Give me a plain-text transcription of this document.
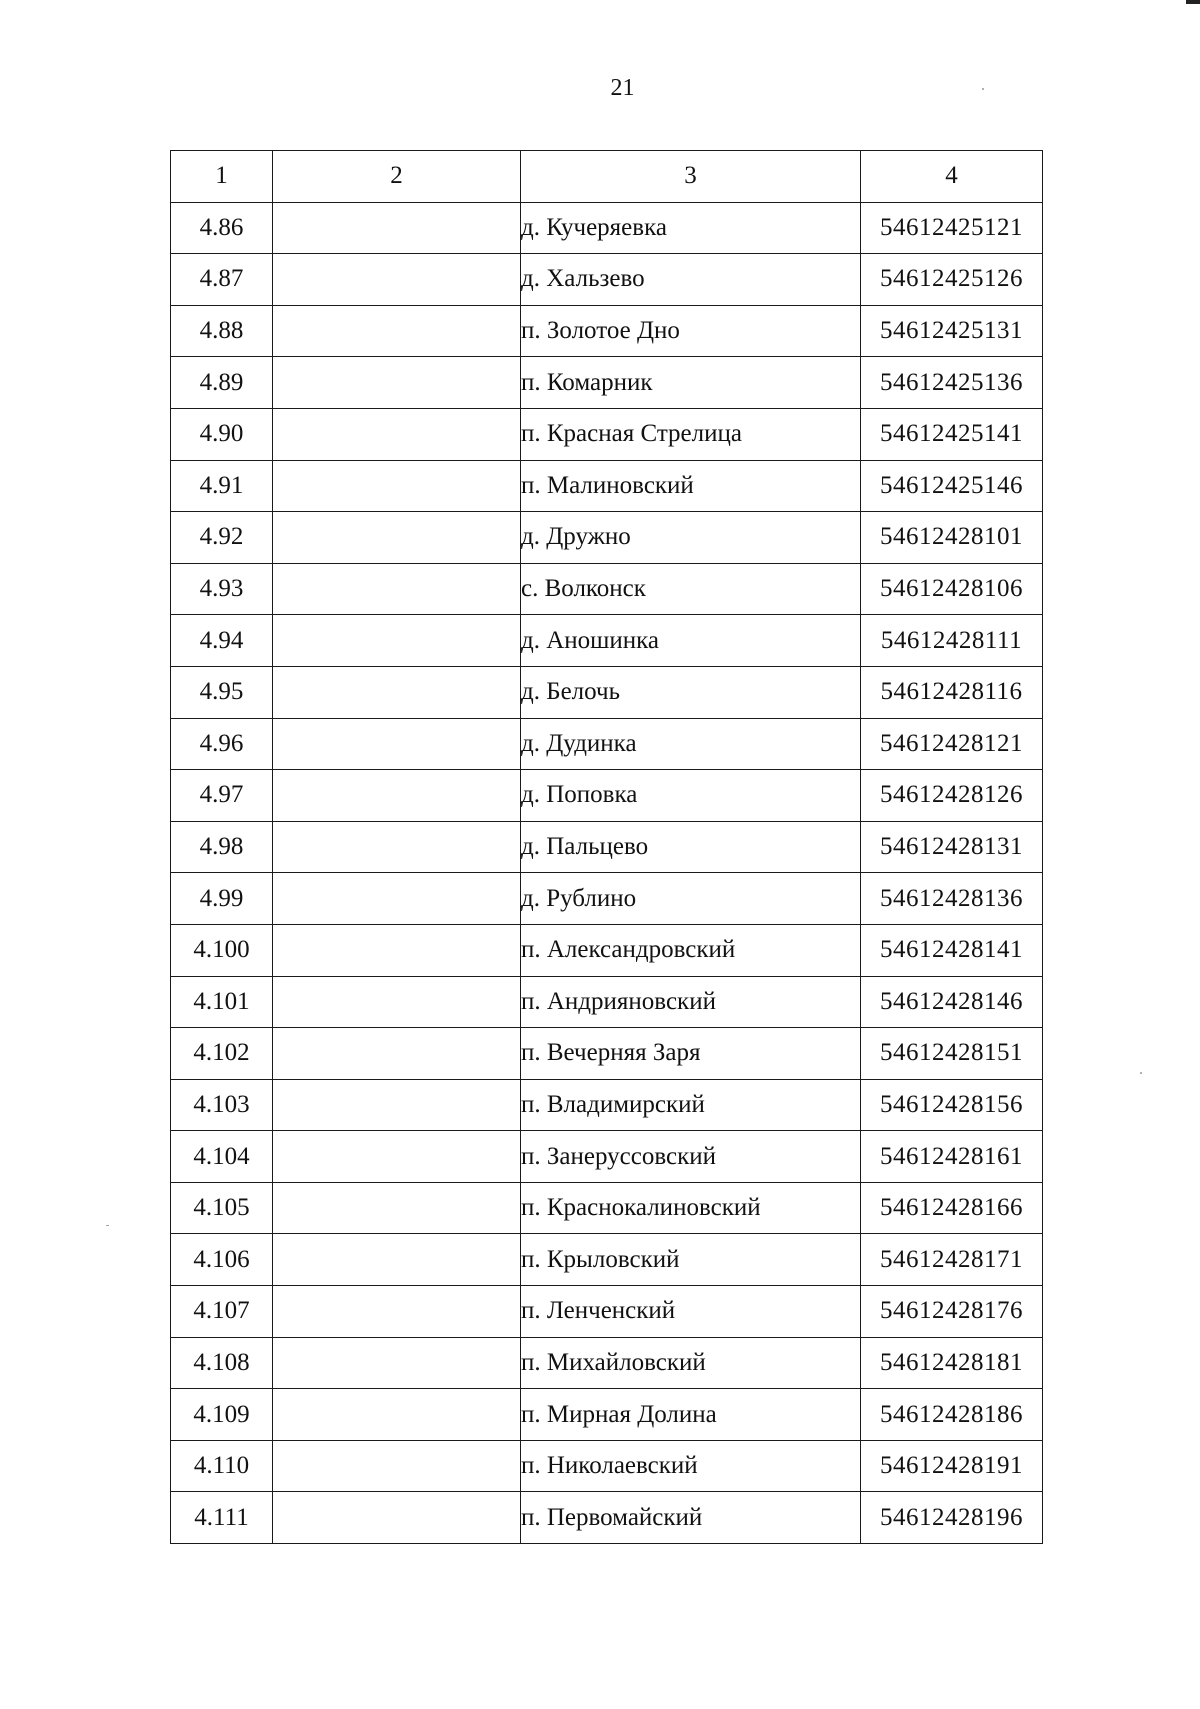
21
1	2	3	4
4.86		д. Кучеряевка	54612425121
4.87		д. Хальзево	54612425126
4.88		п. Золотое Дно	54612425131
4.89		п. Комарник	54612425136
4.90		п. Красная Стрелица	54612425141
4.91		п. Малиновский	54612425146
4.92		д. Дружно	54612428101
4.93		с. Волконск	54612428106
4.94		д. Аношинка	54612428111
4.95		д. Белочь	54612428116
4.96		д. Дудинка	54612428121
4.97		д. Поповка	54612428126
4.98		д. Пальцево	54612428131
4.99		д. Рублино	54612428136
4.100		п. Александровский	54612428141
4.101		п. Андрияновский	54612428146
4.102		п. Вечерняя Заря	54612428151
4.103		п. Владимирский	54612428156
4.104		п. Занеруссовский	54612428161
4.105		п. Краснокалиновский	54612428166
4.106		п. Крыловский	54612428171
4.107		п. Ленченский	54612428176
4.108		п. Михайловский	54612428181
4.109		п. Мирная Долина	54612428186
4.110		п. Николаевский	54612428191
4.111		п. Первомайский	54612428196
